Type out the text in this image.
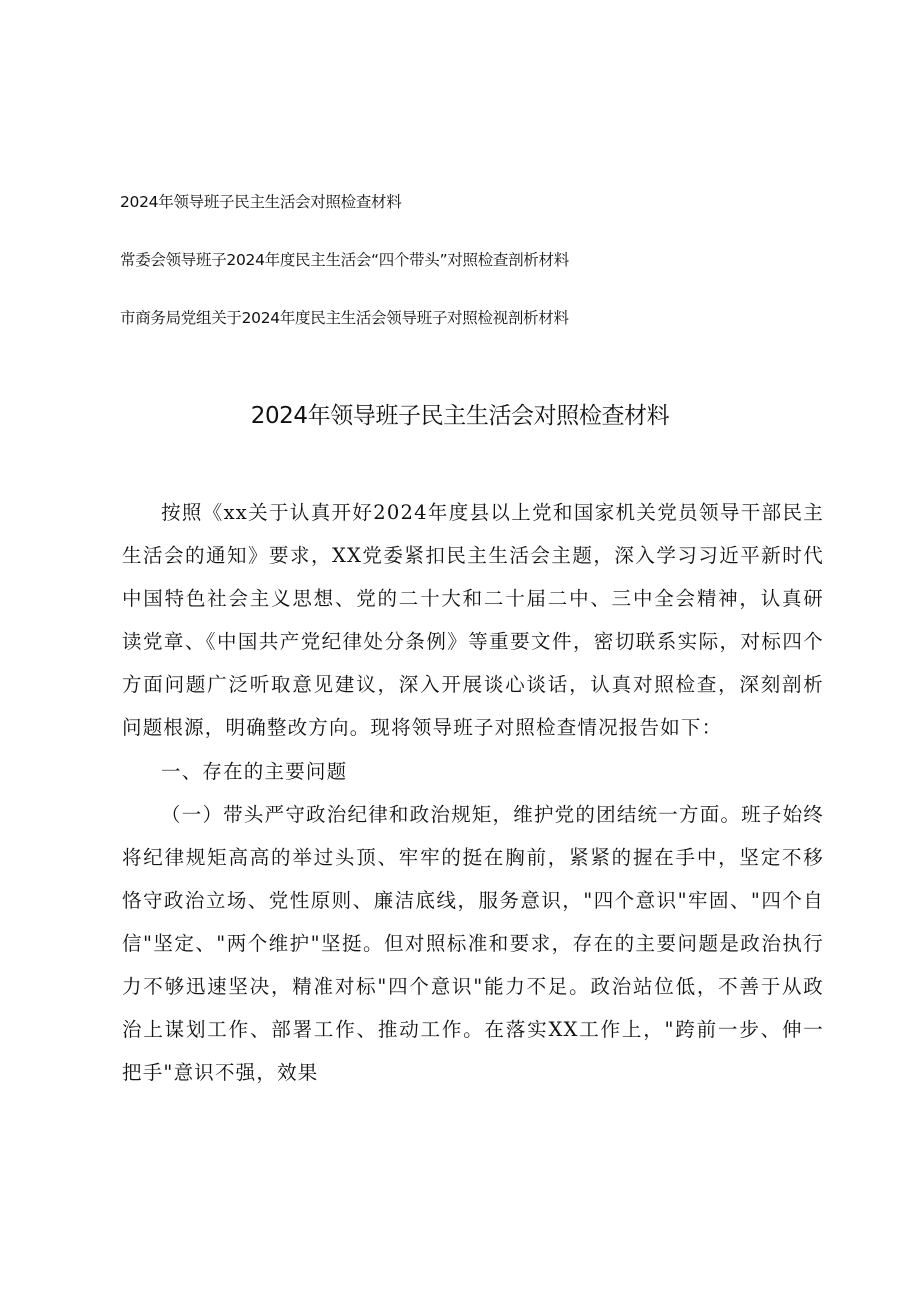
2024年领导班子民主生活会对照检查材料
常委会领导班子2024年度民主生活会“四个带头”对照检查剖析材料
市商务局党组关于2024年度民主生活会领导班子对照检视剖析材料
2024年领导班子民主生活会对照检查材料

按照《xx关于认真开好2024年度县以上党和国家机关党员领导干部民主生活会的通知》要求，XX党委紧扣民主生活会主题，深入学习习近平新时代中国特色社会主义思想、党的二十大和二十届二中、三中全会精神，认真研读党章、《中国共产党纪律处分条例》等重要文件，密切联系实际，对标四个方面问题广泛听取意见建议，深入开展谈心谈话，认真对照检查，深刻剖析问题根源，明确整改方向。现将领导班子对照检查情况报告如下：

一、存在的主要问题

（一）带头严守政治纪律和政治规矩，维护党的团结统一方面。班子始终将纪律规矩高高的举过头顶、牢牢的挺在胸前，紧紧的握在手中，坚定不移恪守政治立场、党性原则、廉洁底线，服务意识，"四个意识"牢固、"四个自信"坚定、"两个维护"坚挺。但对照标准和要求，存在的主要问题是政治执行力不够迅速坚决，精准对标"四个意识"能力不足。政治站位低，不善于从政治上谋划工作、部署工作、推动工作。在落实XX工作上，"跨前一步、伸一把手"意识不强，效果
